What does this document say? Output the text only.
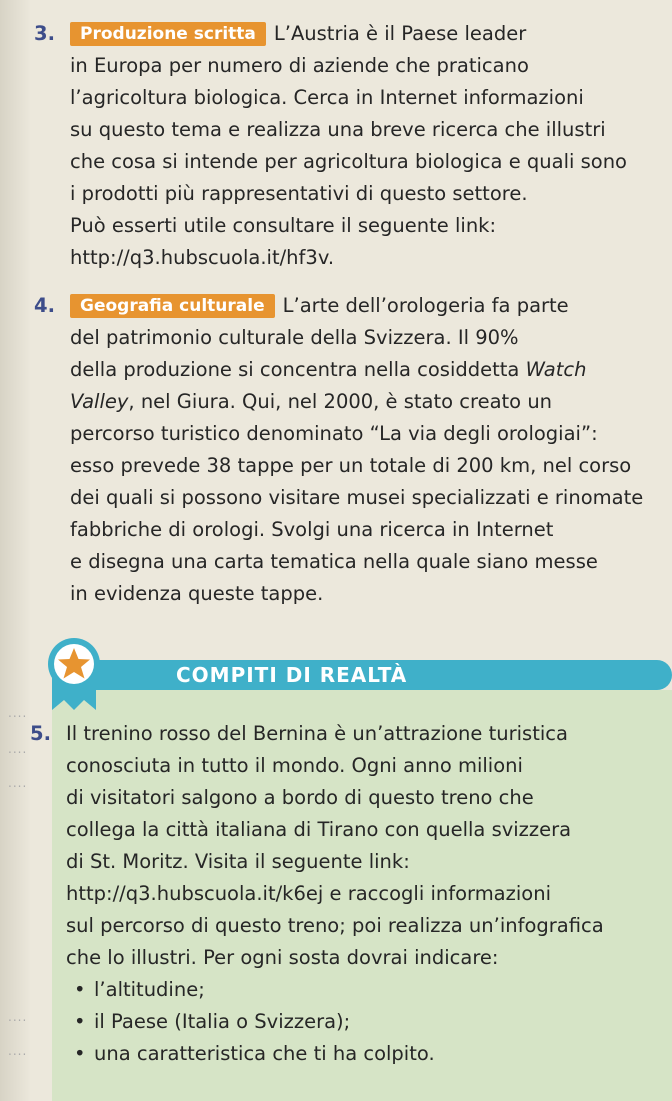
3. Produzione scritta L’Austria è il Paese leader
in Europa per numero di aziende che praticano
l’agricoltura biologica. Cerca in Internet informazioni
su questo tema e realizza una breve ricerca che illustri
che cosa si intende per agricoltura biologica e quali sono
i prodotti più rappresentativi di questo settore.
Può esserti utile consultare il seguente link:
http://q3.hubscuola.it/hf3v.
4. Geografia culturale L’arte dell’orologeria fa parte
del patrimonio culturale della Svizzera. Il 90%
della produzione si concentra nella cosiddetta Watch
Valley, nel Giura. Qui, nel 2000, è stato creato un
percorso turistico denominato “La via degli orologiai”:
esso prevede 38 tappe per un totale di 200 km, nel corso
dei quali si possono visitare musei specializzati e rinomate
fabbriche di orologi. Svolgi una ricerca in Internet
e disegna una carta tematica nella quale siano messe
in evidenza queste tappe.
COMPITI DI REALTÀ
5. Il trenino rosso del Bernina è un’attrazione turistica
conosciuta in tutto il mondo. Ogni anno milioni
di visitatori salgono a bordo di questo treno che
collega la città italiana di Tirano con quella svizzera
di St. Moritz. Visita il seguente link:
http://q3.hubscuola.it/k6ej e raccogli informazioni
sul percorso di questo treno; poi realizza un’infografica
che lo illustri. Per ogni sosta dovrai indicare:
• l’altitudine;
• il Paese (Italia o Svizzera);
• una caratteristica che ti ha colpito.
....
....
....
....
....
